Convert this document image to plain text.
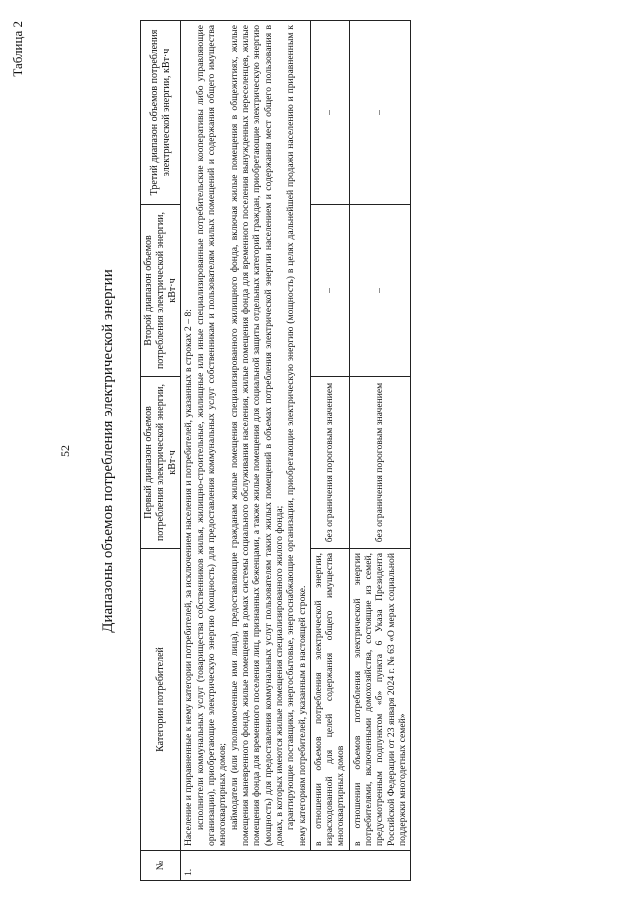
Таблица 2
52 Диапазоны объемов потребления электрической энергии
№	Категории потребителей	Первый диапазон объемов потребления электрической энергии, кВт·ч	Второй диапазон объемов потребления электрической энергии, кВт·ч	Третий диапазон объемов потребления электрической энергии, кВт·ч
1.	Население и приравненные к нему категории потребителей, за исключением населения и потребителей, указанных в строках 2 – 8: исполнители коммунальных услуг (товарищества собственников жилья, жилищно-строительные, жилищные или иные специализированные потребительские кооперативы либо управляющие организации), приобретающие электрическую энергию (мощность) для предоставления коммунальных услуг собственникам и пользователям жилых помещений и содержания общего имущества многоквартирных домов; наймодатели (или уполномоченные ими лица), предоставляющие гражданам жилые помещения специализированного жилищного фонда, включая жилые помещения в общежитиях, жилые помещения маневренного фонда, жилые помещения в домах системы социального обслуживания населения, жилые помещения фонда для временного поселения вынужденных переселенцев, жилые помещения фонда для временного поселения лиц, признанных беженцами, а также жилые помещения для социальной защиты отдельных категорий граждан, приобретающие электрическую энергию (мощность) для предоставления коммунальных услуг пользователям таких жилых помещений в объемах потребления электрической энергии населением и содержания мест общего пользования в домах, в которых имеются жилые помещения специализированного жилого фонда; гарантирующие поставщики, энергосбытовые, энергоснабжающие организации, приобретающие электрическую энергию (мощность) в целях дальнейшей продажи населению и приравненным к нему категориям потребителей, указанным в настоящей строке.			

	в отношении объемов потребления электрической энергии, израсходованной для целей содержания общего имущества многоквартирных домов	без ограничения пороговым значением	–	–
	в отношении объемов потребления электрической энергии потребителями, включенными домохозяйства, состоящие из семей, предусмотренным подпунктом «б» пункта 6 Указа Президента Российской Федерации от 23 января 2024 г. № 63 «О мерах социальной поддержки многодетных семей»	без ограничения пороговым значением	–	–
